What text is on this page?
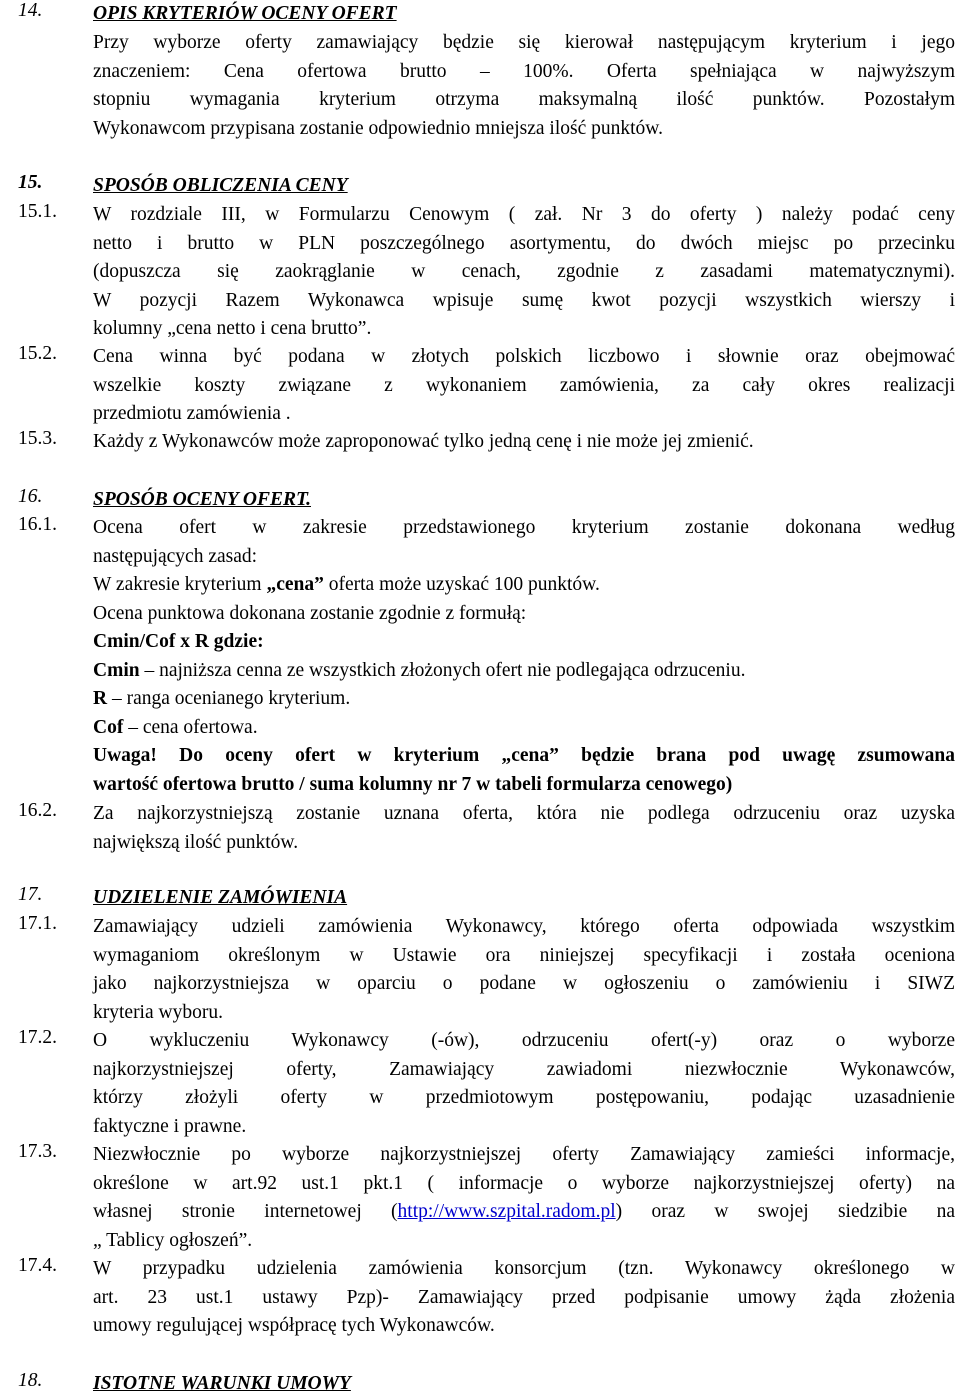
14.	OPIS KRYTERIÓW OCENY OFERT
Przy wyborze oferty zamawiający będzie się kierował następującym kryterium i jego
znaczeniem: Cena ofertowa brutto – 100%. Oferta spełniająca w najwyższym
stopniu wymagania kryterium otrzyma maksymalną ilość punktów. Pozostałym
Wykonawcom przypisana zostanie odpowiednio mniejsza ilość punktów.
15.	SPOSÓB OBLICZENIA CENY
15.1. W rozdziale III, w Formularzu Cenowym ( zał. Nr 3 do oferty ) należy podać ceny
netto i brutto w PLN poszczególnego asortymentu, do dwóch miejsc po przecinku
(dopuszcza się zaokrąglanie w cenach, zgodnie z zasadami matematycznymi).
W pozycji Razem Wykonawca wpisuje sumę kwot pozycji wszystkich wierszy i
kolumny „cena netto i cena brutto”.
15.2. Cena winna być podana w złotych polskich liczbowo i słownie oraz obejmować
wszelkie koszty związane z wykonaniem zamówienia, za cały okres realizacji
przedmiotu zamówienia .
15.3. Każdy z Wykonawców może zaproponować tylko jedną cenę i nie może jej zmienić.
16.	SPOSÓB OCENY OFERT.
16.1. Ocena ofert w zakresie przedstawionego kryterium zostanie dokonana według
następujących zasad:
W zakresie kryterium „cena” oferta może uzyskać 100 punktów.
Ocena punktowa dokonana zostanie zgodnie z formułą:
Cmin/Cof x R gdzie:
Cmin – najniższa cenna ze wszystkich złożonych ofert nie podlegająca odrzuceniu.
R – ranga ocenianego kryterium.
Cof – cena ofertowa.
Uwaga! Do oceny ofert w kryterium „cena” będzie brana pod uwagę zsumowana
wartość ofertowa brutto / suma kolumny nr 7 w tabeli formularza cenowego)
16.2. Za najkorzystniejszą zostanie uznana oferta, która nie podlega odrzuceniu oraz uzyska
największą ilość punktów.
17.	UDZIELENIE ZAMÓWIENIA
17.1. Zamawiający udzieli zamówienia Wykonawcy, którego oferta odpowiada wszystkim
wymaganiom określonym w Ustawie ora niniejszej specyfikacji i została oceniona
jako najkorzystniejsza w oparciu o podane w ogłoszeniu o zamówieniu i SIWZ
kryteria wyboru.
17.2. O wykluczeniu Wykonawcy (-ów), odrzuceniu ofert(-y) oraz o wyborze
najkorzystniejszej oferty, Zamawiający zawiadomi niezwłocznie Wykonawców,
którzy złożyli oferty w przedmiotowym postępowaniu, podając uzasadnienie
faktyczne i prawne.
17.3. Niezwłocznie po wyborze najkorzystniejszej oferty Zamawiający zamieści informacje,
określone w art.92 ust.1 pkt.1 ( informacje o wyborze najkorzystniejszej oferty) na
własnej stronie internetowej (http://www.szpital.radom.pl) oraz w swojej siedzibie na
„ Tablicy ogłoszeń”.
17.4. W przypadku udzielenia zamówienia konsorcjum (tzn. Wykonawcy określonego w
art. 23 ust.1 ustawy Pzp)- Zamawiający przed podpisanie umowy żąda złożenia
umowy regulującej współpracę tych Wykonawców.
18.	ISTOTNE WARUNKI UMOWY
